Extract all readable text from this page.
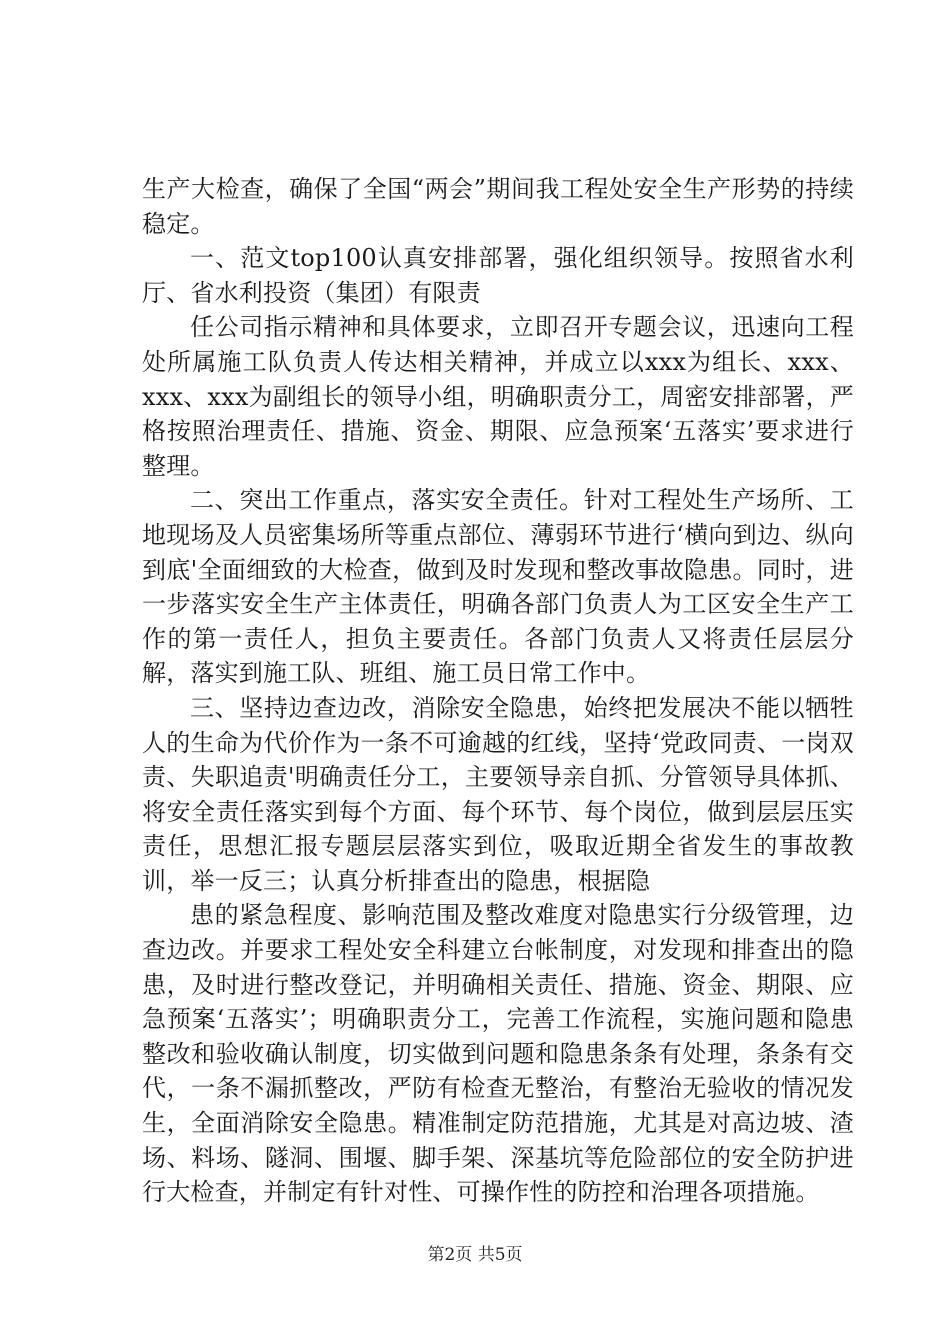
生产大检查，确保了全国“两会”期间我工程处安全生产形势的持续稳定。

一、范文top100认真安排部署，强化组织领导。按照省水利厅、省水利投资（集团）有限责

任公司指示精神和具体要求，立即召开专题会议，迅速向工程处所属施工队负责人传达相关精神，并成立以xxx为组长、xxx、xxx、xxx为副组长的领导小组，明确职责分工，周密安排部署，严格按照治理责任、措施、资金、期限、应急预案‘五落实’要求进行整理。

二、突出工作重点，落实安全责任。针对工程处生产场所、工地现场及人员密集场所等重点部位、薄弱环节进行‘横向到边、纵向到底'全面细致的大检查，做到及时发现和整改事故隐患。同时，进一步落实安全生产主体责任，明确各部门负责人为工区安全生产工作的第一责任人，担负主要责任。各部门负责人又将责任层层分解，落实到施工队、班组、施工员日常工作中。

三、坚持边查边改，消除安全隐患，始终把发展决不能以牺牲人的生命为代价作为一条不可逾越的红线，坚持‘党政同责、一岗双责、失职追责'明确责任分工，主要领导亲自抓、分管领导具体抓、将安全责任落实到每个方面、每个环节、每个岗位，做到层层压实责任，思想汇报专题层层落实到位，吸取近期全省发生的事故教训，举一反三；认真分析排查出的隐患，根据隐

患的紧急程度、影响范围及整改难度对隐患实行分级管理，边查边改。并要求工程处安全科建立台帐制度，对发现和排查出的隐患，及时进行整改登记，并明确相关责任、措施、资金、期限、应急预案‘五落实’；明确职责分工，完善工作流程，实施问题和隐患整改和验收确认制度，切实做到问题和隐患条条有处理，条条有交代，一条不漏抓整改，严防有检查无整治，有整治无验收的情况发生，全面消除安全隐患。精准制定防范措施，尤其是对高边坡、渣场、料场、隧洞、围堰、脚手架、深基坑等危险部位的安全防护进行大检查，并制定有针对性、可操作性的防控和治理各项措施。

第2页 共5页
